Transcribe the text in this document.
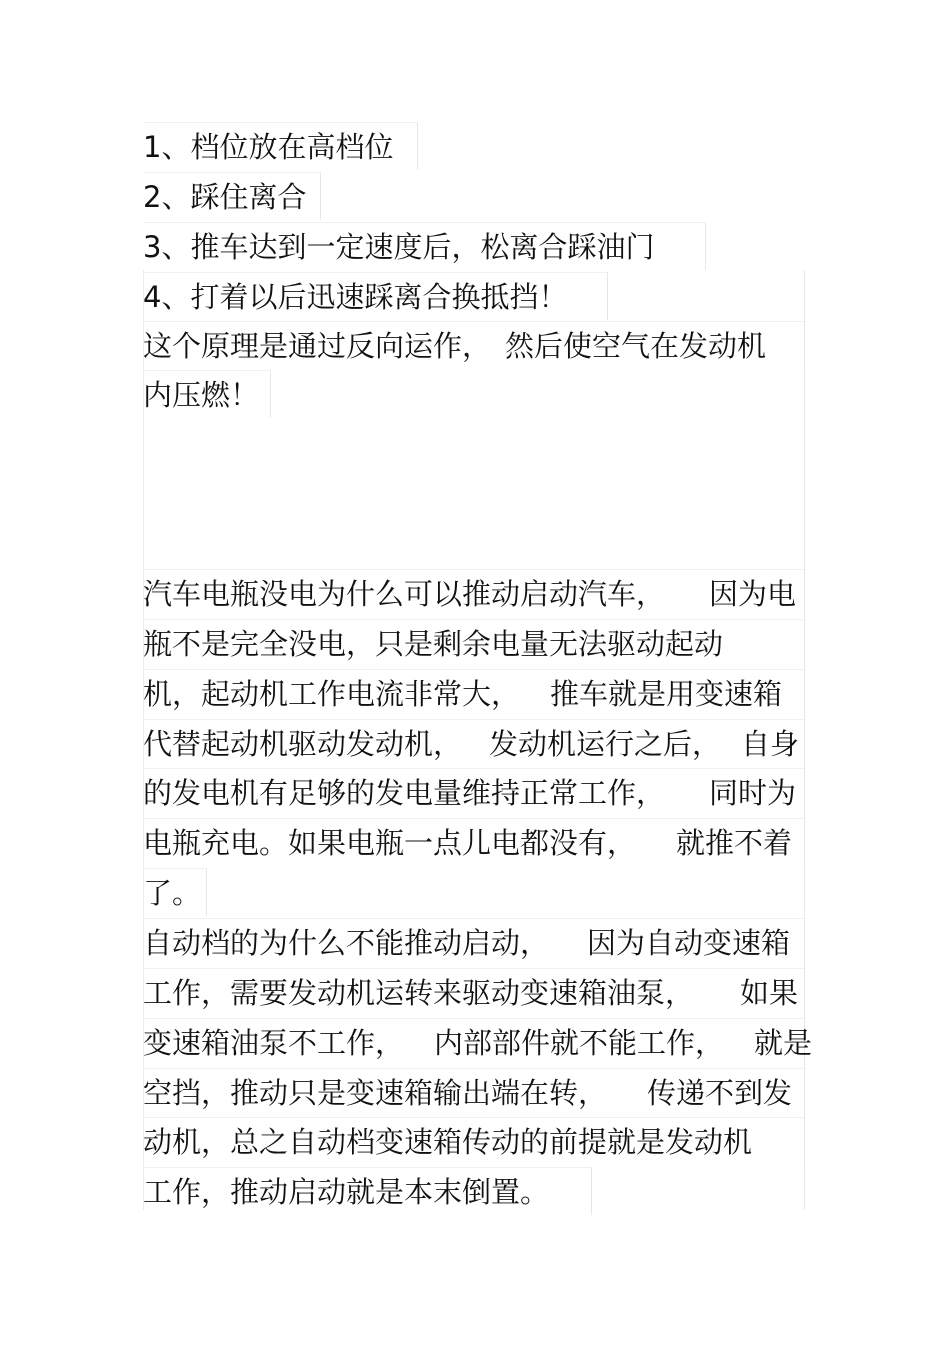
1、档位放在高档位
2、踩住离合
3、推车达到一定速度后，松离合踩油门
4、打着以后迅速踩离合换抵挡！
这个原理是通过反向运作， 然后使空气在发动机
内压燃！
汽车电瓶没电为什么可以推动启动汽车， 因为电
瓶不是完全没电，只是剩余电量无法驱动起动
机，起动机工作电流非常大， 推车就是用变速箱
代替起动机驱动发动机， 发动机运行之后， 自身
的发电机有足够的发电量维持正常工作， 同时为
电瓶充电。如果电瓶一点儿电都没有， 就推不着
了。
自动档的为什么不能推动启动， 因为自动变速箱
工作，需要发动机运转来驱动变速箱油泵， 如果
变速箱油泵不工作， 内部部件就不能工作， 就是
空挡，推动只是变速箱输出端在转， 传递不到发
动机，总之自动档变速箱传动的前提就是发动机
工作，推动启动就是本末倒置。
